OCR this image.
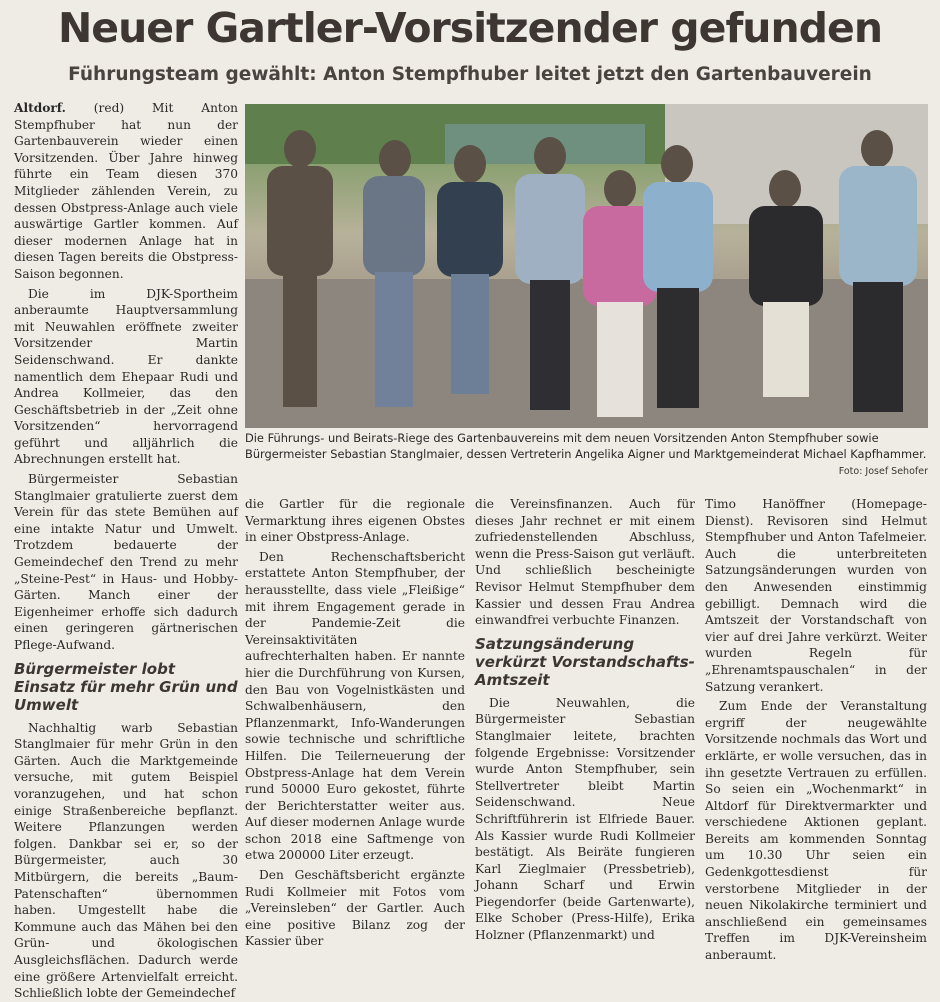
Neuer Gartler-Vorsitzender gefunden
Führungsteam gewählt: Anton Stempfhuber leitet jetzt den Gartenbauverein

Altdorf. (red) Mit Anton Stempfhuber hat nun der Gartenbauverein wieder einen Vorsitzenden. Über Jahre hinweg führte ein Team diesen 370 Mitglieder zählenden Verein, zu dessen Obstpress-Anlage auch viele auswärtige Gartler kommen. Auf dieser modernen Anlage hat in diesen Tagen bereits die Obstpress-Saison begonnen.

Die im DJK-Sportheim anberaumte Hauptversammlung mit Neuwahlen eröffnete zweiter Vorsitzender Martin Seidenschwand. Er dankte namentlich dem Ehepaar Rudi und Andrea Kollmeier, das den Geschäftsbetrieb in der „Zeit ohne Vorsitzenden“ hervorragend geführt und alljährlich die Abrechnungen erstellt hat.

Bürgermeister Sebastian Stanglmaier gratulierte zuerst dem Verein für das stete Bemühen auf eine intakte Natur und Umwelt. Trotzdem bedauerte der Gemeindechef den Trend zu mehr „Steine-Pest“ in Haus- und Hobby-Gärten. Manch einer der Eigenheimer erhoffe sich dadurch einen geringeren gärtnerischen Pflege-Aufwand.

Bürgermeister lobt Einsatz für mehr Grün und Umwelt

Nachhaltig warb Sebastian Stanglmaier für mehr Grün in den Gärten. Auch die Marktgemeinde versuche, mit gutem Beispiel voranzugehen, und hat schon einige Straßenbereiche bepflanzt. Weitere Pflanzungen werden folgen. Dankbar sei er, so der Bürgermeister, auch 30 Mitbürgern, die bereits „Baum-Patenschaften“ übernommen haben. Umgestellt habe die Kommune auch das Mähen bei den Grün- und ökologischen Ausgleichsflächen. Dadurch werde eine größere Artenvielfalt erreicht. Schließlich lobte der Gemeindechef

Die Führungs- und Beirats-Riege des Gartenbauvereins mit dem neuen Vorsitzenden Anton Stempfhuber sowie Bürgermeister Sebastian Stanglmaier, dessen Vertreterin Angelika Aigner und Marktgemeinderat Michael Kapfhammer.
Foto: Josef Sehofer

die Gartler für die regionale Vermarktung ihres eigenen Obstes in einer Obstpress-Anlage.

Den Rechenschaftsbericht erstattete Anton Stempfhuber, der herausstellte, dass viele „Fleißige“ mit ihrem Engagement gerade in der Pandemie-Zeit die Vereinsaktivitäten aufrechterhalten haben. Er nannte hier die Durchführung von Kursen, den Bau von Vogelnistkästen und Schwalbenhäusern, den Pflanzenmarkt, Info-Wanderungen sowie technische und schriftliche Hilfen. Die Teilerneuerung der Obstpress-Anlage hat dem Verein rund 50000 Euro gekostet, führte der Berichterstatter weiter aus. Auf dieser modernen Anlage wurde schon 2018 eine Saftmenge von etwa 200000 Liter erzeugt.

Den Geschäftsbericht ergänzte Rudi Kollmeier mit Fotos vom „Vereinsleben“ der Gartler. Auch eine positive Bilanz zog der Kassier über

die Vereinsfinanzen. Auch für dieses Jahr rechnet er mit einem zufriedenstellenden Abschluss, wenn die Press-Saison gut verläuft. Und schließlich bescheinigte Revisor Helmut Stempfhuber dem Kassier und dessen Frau Andrea einwandfrei verbuchte Finanzen.

Satzungsänderung verkürzt Vorstandschafts-Amtszeit

Die Neuwahlen, die Bürgermeister Sebastian Stanglmaier leitete, brachten folgende Ergebnisse: Vorsitzender wurde Anton Stempfhuber, sein Stellvertreter bleibt Martin Seidenschwand. Neue Schriftführerin ist Elfriede Bauer. Als Kassier wurde Rudi Kollmeier bestätigt. Als Beiräte fungieren Karl Zieglmaier (Pressbetrieb), Johann Scharf und Erwin Piegendorfer (beide Gartenwarte), Elke Schober (Press-Hilfe), Erika Holzner (Pflanzenmarkt) und

Timo Hanöffner (Homepage-Dienst). Revisoren sind Helmut Stempfhuber und Anton Tafelmeier. Auch die unterbreiteten Satzungsänderungen wurden von den Anwesenden einstimmig gebilligt. Demnach wird die Amtszeit der Vorstandschaft von vier auf drei Jahre verkürzt. Weiter wurden Regeln für „Ehrenamtspauschalen“ in der Satzung verankert.

Zum Ende der Veranstaltung ergriff der neugewählte Vorsitzende nochmals das Wort und erklärte, er wolle versuchen, das in ihn gesetzte Vertrauen zu erfüllen. So seien ein „Wochenmarkt“ in Altdorf für Direktvermarkter und verschiedene Aktionen geplant. Bereits am kommenden Sonntag um 10.30 Uhr seien ein Gedenkgottesdienst für verstorbene Mitglieder in der neuen Nikolakirche terminiert und anschließend ein gemeinsames Treffen im DJK-Vereinsheim anberaumt.
